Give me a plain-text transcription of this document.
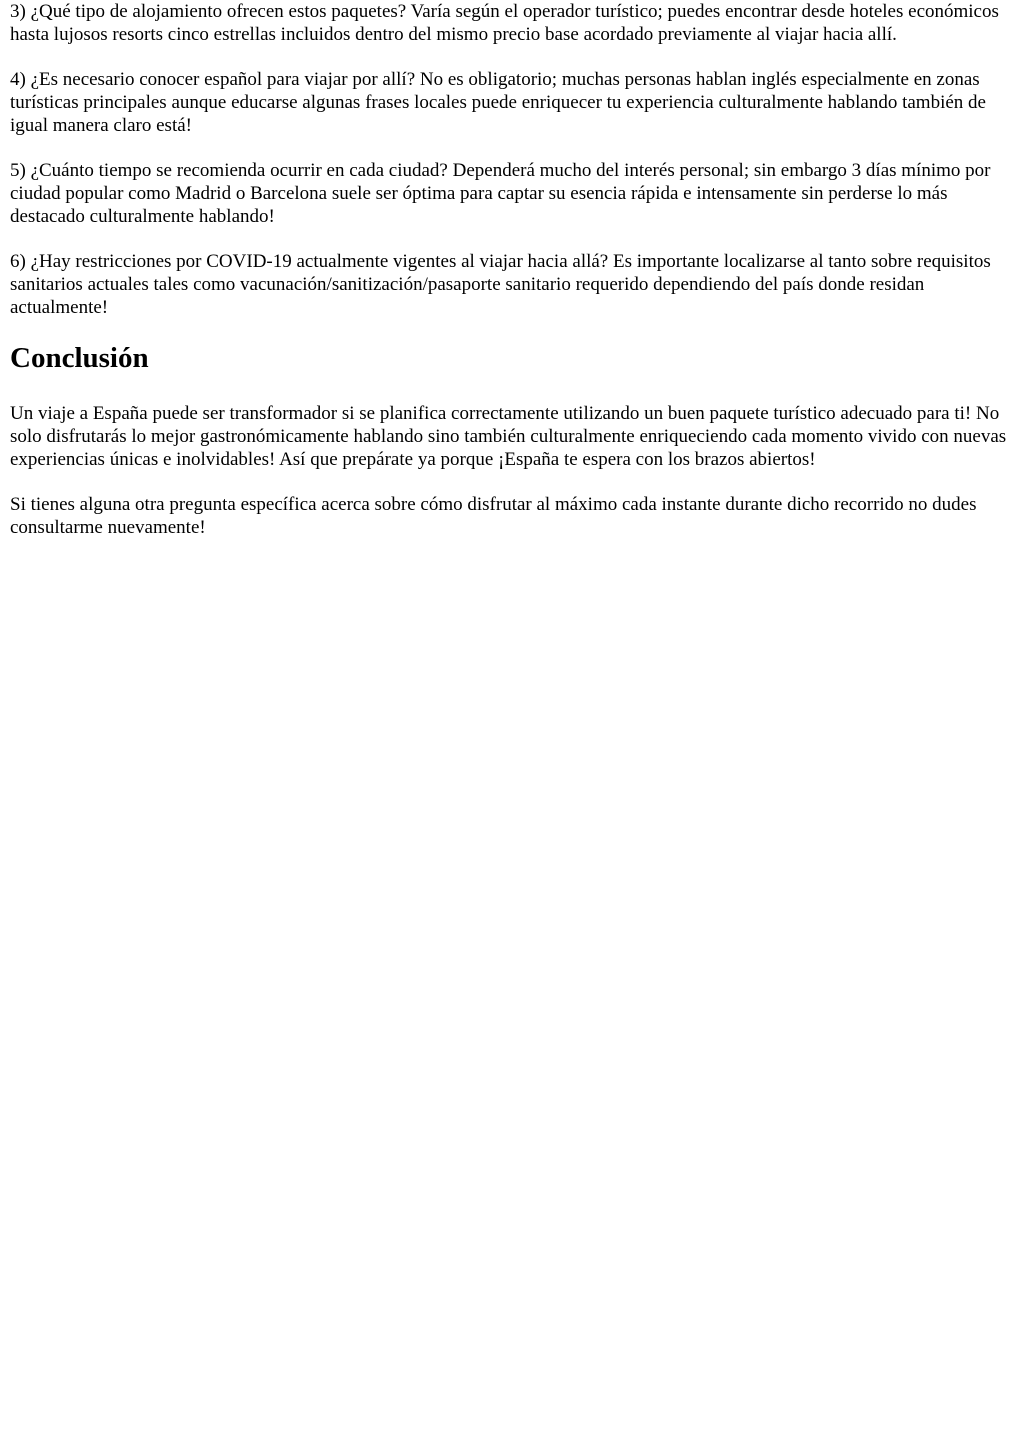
3) ¿Qué tipo de alojamiento ofrecen estos paquetes? Varía según el operador turístico; puedes encontrar desde hoteles económicos hasta lujosos resorts cinco estrellas incluidos dentro del mismo precio base acordado previamente al viajar hacia allí.

4) ¿Es necesario conocer español para viajar por allí? No es obligatorio; muchas personas hablan inglés especialmente en zonas turísticas principales aunque educarse algunas frases locales puede enriquecer tu experiencia culturalmente hablando también de igual manera claro está!

5) ¿Cuánto tiempo se recomienda ocurrir en cada ciudad? Dependerá mucho del interés personal; sin embargo 3 días mínimo por ciudad popular como Madrid o Barcelona suele ser óptima para captar su esencia rápida e intensamente sin perderse lo más destacado culturalmente hablando!

6) ¿Hay restricciones por COVID-19 actualmente vigentes al viajar hacia allá? Es importante localizarse al tanto sobre requisitos sanitarios actuales tales como vacunación/sanitización/pasaporte sanitario requerido dependiendo del país donde residan actualmente!

Conclusión

Un viaje a España puede ser transformador si se planifica correctamente utilizando un buen paquete turístico adecuado para ti! No solo disfrutarás lo mejor gastronómicamente hablando sino también culturalmente enriqueciendo cada momento vivido con nuevas experiencias únicas e inolvidables! Así que prepárate ya porque ¡España te espera con los brazos abiertos!

Si tienes alguna otra pregunta específica acerca sobre cómo disfrutar al máximo cada instante durante dicho recorrido no dudes consultarme nuevamente!
